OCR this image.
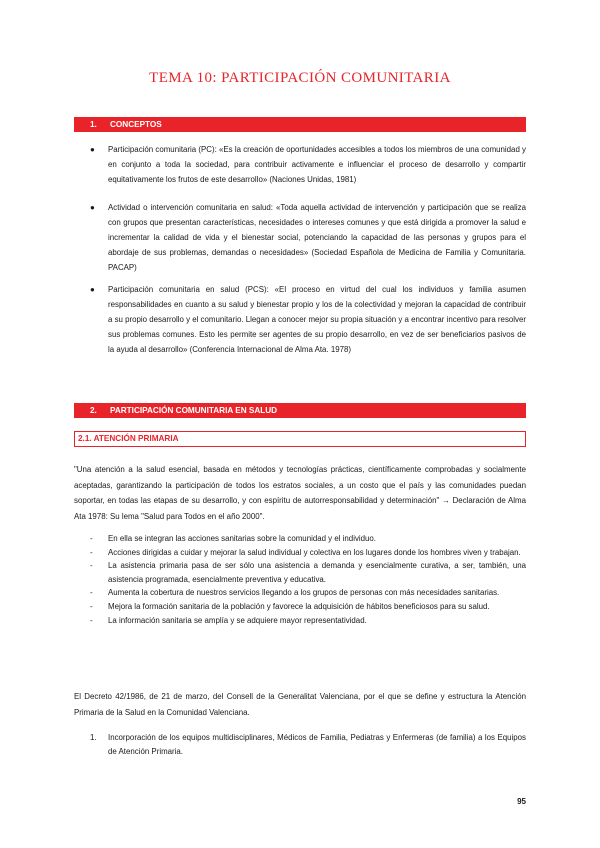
TEMA 10: PARTICIPACIÓN COMUNITARIA
1. CONCEPTOS
● Participación comunitaria (PC): «Es la creación de oportunidades accesibles a todos los miembros de una comunidad y en conjunto a toda la sociedad, para contribuir activamente e influenciar el proceso de desarrollo y compartir equitativamente los frutos de este desarrollo» (Naciones Unidas, 1981)
● Actividad o intervención comunitaria en salud: «Toda aquella actividad de intervención y participación que se realiza con grupos que presentan características, necesidades o intereses comunes y que está dirigida a promover la salud e incrementar la calidad de vida y el bienestar social, potenciando la capacidad de las personas y grupos para el abordaje de sus problemas, demandas o necesidades» (Sociedad Española de Medicina de Familia y Comunitaria. PACAP)
● Participación comunitaria en salud (PCS): «El proceso en virtud del cual los individuos y familia asumen responsabilidades en cuanto a su salud y bienestar propio y los de la colectividad y mejoran la capacidad de contribuir a su propio desarrollo y el comunitario. Llegan a conocer mejor su propia situación y a encontrar incentivo para resolver sus problemas comunes. Esto les permite ser agentes de su propio desarrollo, en vez de ser beneficiarios pasivos de la ayuda al desarrollo» (Conferencia Internacional de Alma Ata. 1978)
2. PARTICIPACIÓN COMUNITARIA EN SALUD
2.1. ATENCIÓN PRIMARIA
"Una atención a la salud esencial, basada en métodos y tecnologías prácticas, científicamente comprobadas y socialmente aceptadas, garantizando la participación de todos los estratos sociales, a un costo que el país y las comunidades puedan soportar, en todas las etapas de su desarrollo, y con espíritu de autorresponsabilidad y determinación" → Declaración de Alma Ata 1978: Su lema "Salud para Todos en el año 2000".
- En ella se integran las acciones sanitarias sobre la comunidad y el individuo.
- Acciones dirigidas a cuidar y mejorar la salud individual y colectiva en los lugares donde los hombres viven y trabajan.
- La asistencia primaria pasa de ser sólo una asistencia a demanda y esencialmente curativa, a ser, también, una asistencia programada, esencialmente preventiva y educativa.
- Aumenta la cobertura de nuestros servicios llegando a los grupos de personas con más necesidades sanitarias.
- Mejora la formación sanitaria de la población y favorece la adquisición de hábitos beneficiosos para su salud.
- La información sanitaria se amplía y se adquiere mayor representatividad.
El Decreto 42/1986, de 21 de marzo, del Consell de la Generalitat Valenciana, por el que se define y estructura la Atención Primaria de la Salud en la Comunidad Valenciana.
1. Incorporación de los equipos multidisciplinares, Médicos de Familia, Pediatras y Enfermeras (de familia) a los Equipos de Atención Primaria.
95
